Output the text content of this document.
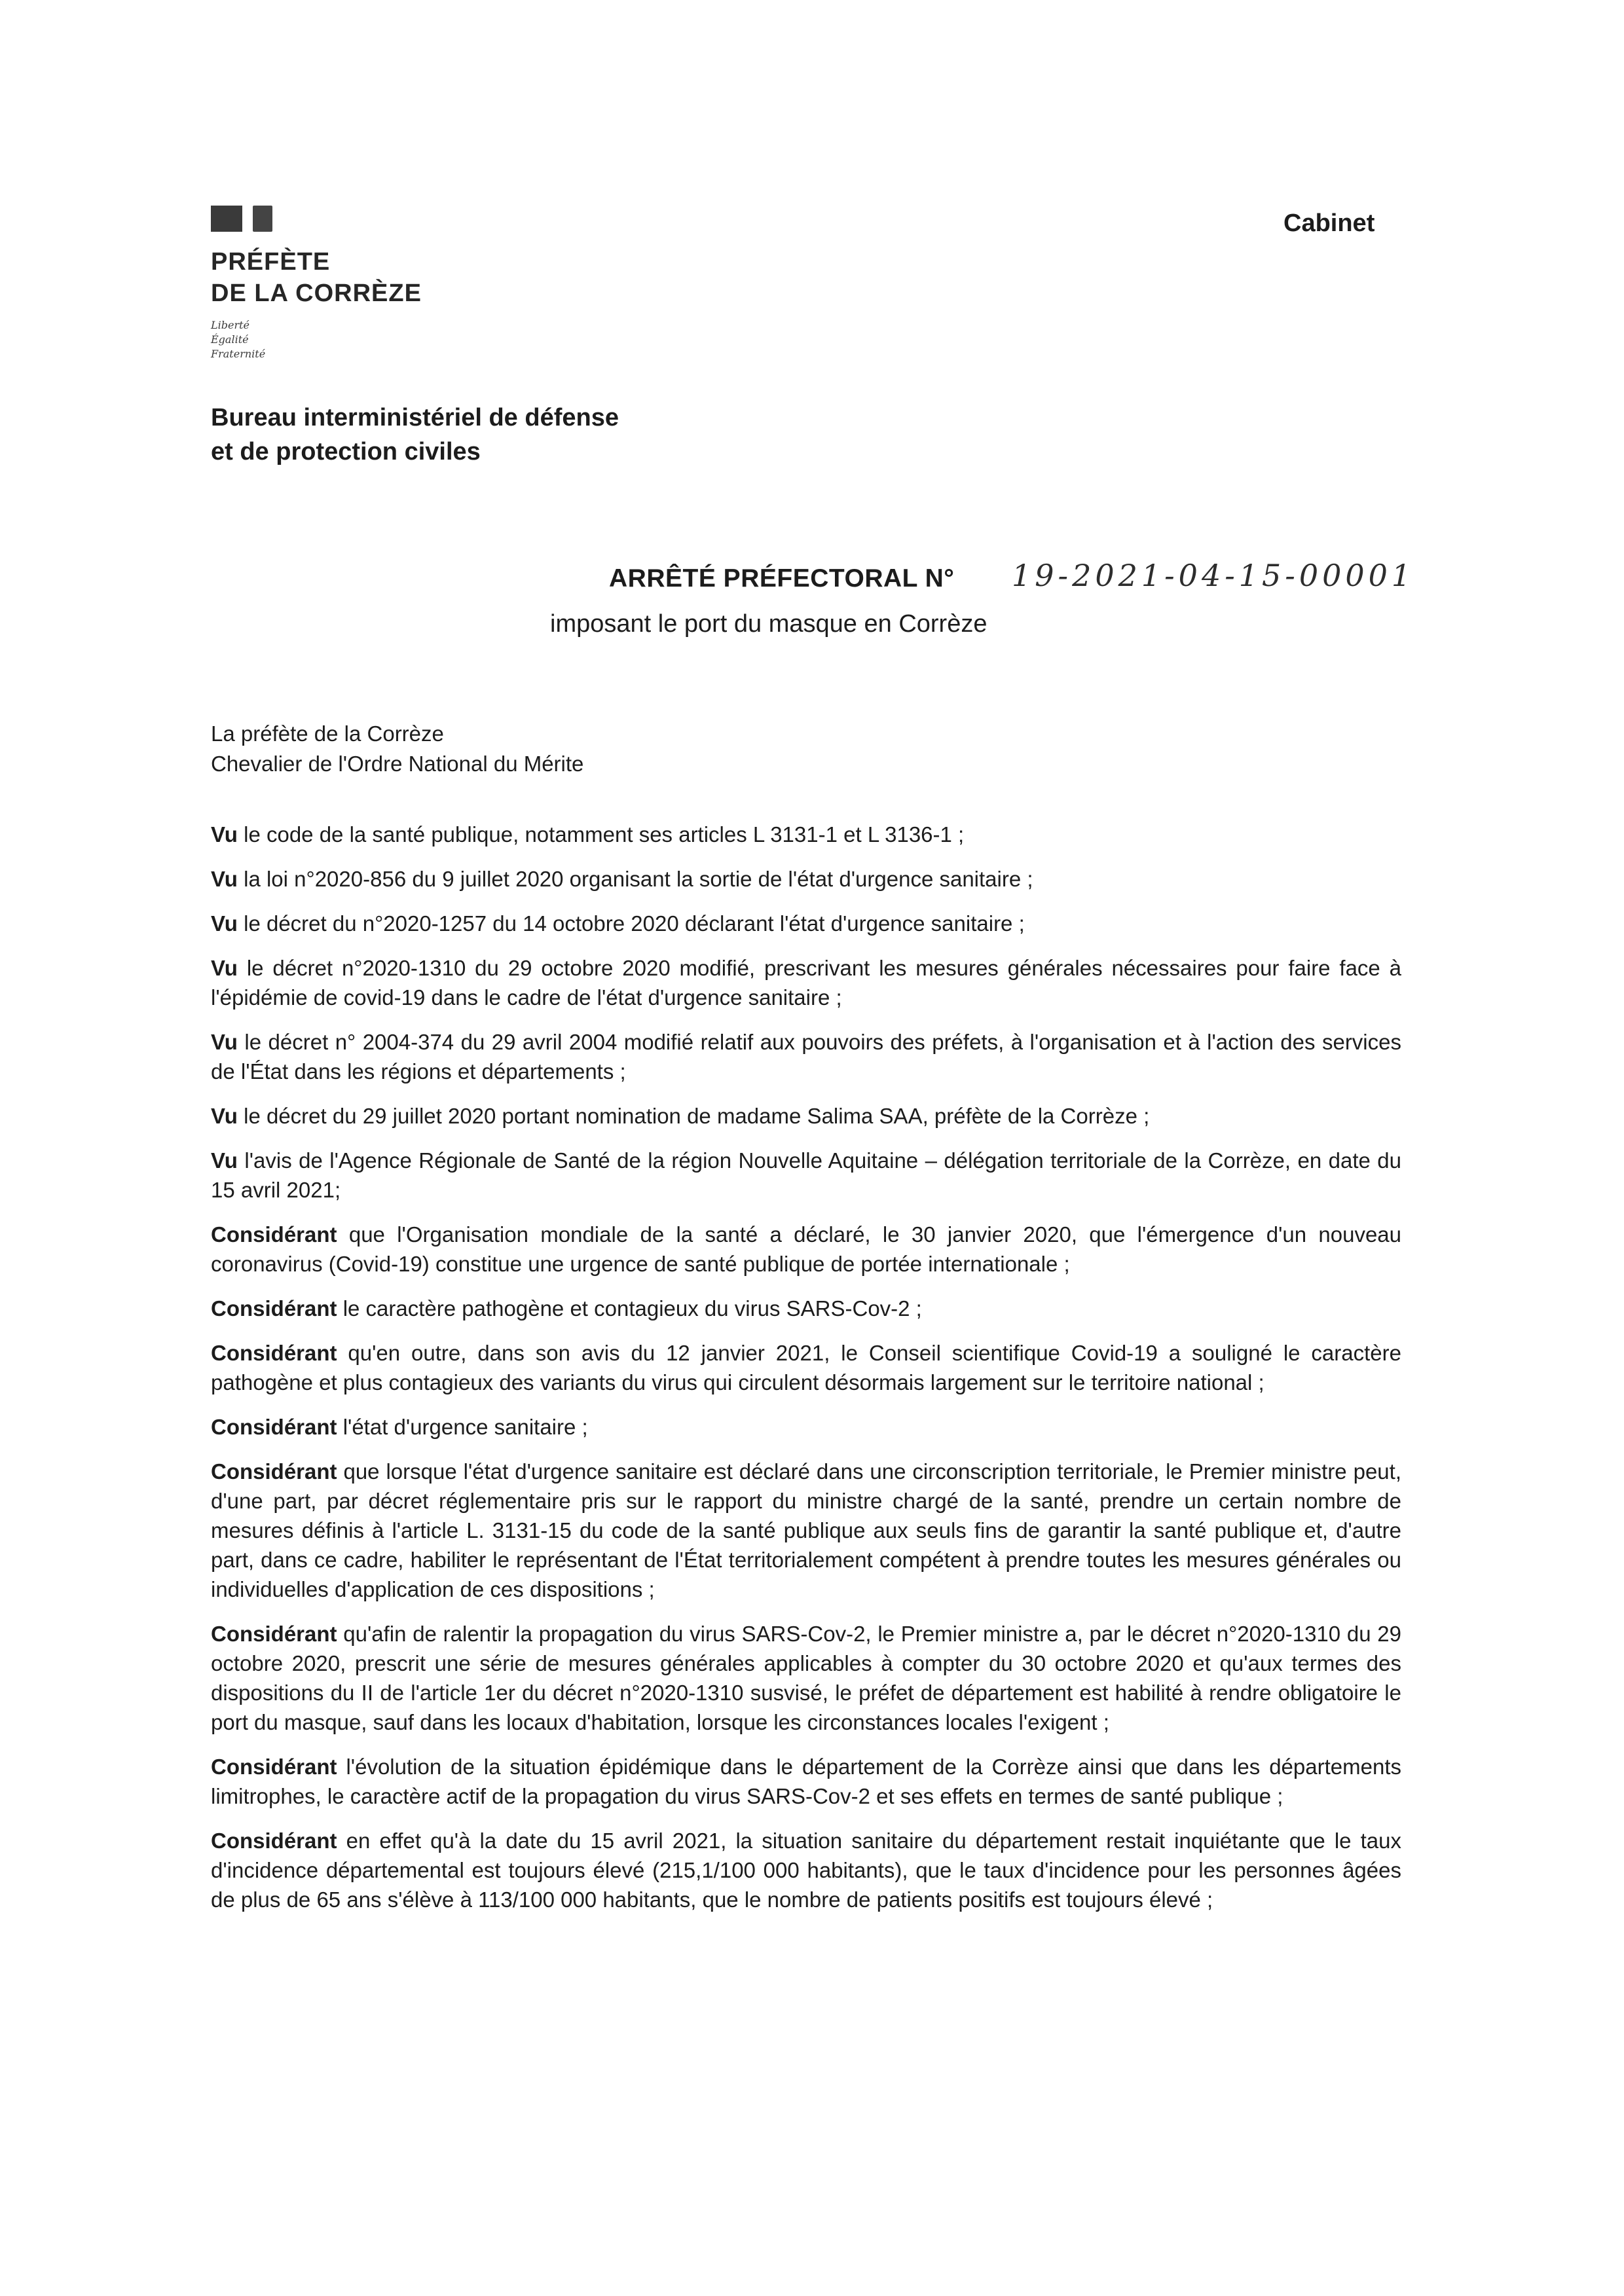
PRÉFÈTE
DE LA CORRÈZE
Liberté
Égalité
Fraternité
Cabinet
Bureau interministériel de défense
et de protection civiles
ARRÊTÉ PRÉFECTORAL N° 19-2021-04-15-00001
imposant le port du masque en Corrèze
La préfète de la Corrèze
Chevalier de l'Ordre National du Mérite

Vu le code de la santé publique, notamment ses articles L 3131-1 et L 3136-1 ;

Vu la loi n°2020-856 du 9 juillet 2020 organisant la sortie de l'état d'urgence sanitaire ;

Vu le décret du n°2020-1257 du 14 octobre 2020 déclarant l'état d'urgence sanitaire ;

Vu le décret n°2020-1310 du 29 octobre 2020 modifié, prescrivant les mesures générales nécessaires pour faire face à l'épidémie de covid-19 dans le cadre de l'état d'urgence sanitaire ;

Vu le décret n° 2004-374 du 29 avril 2004 modifié relatif aux pouvoirs des préfets, à l'organisation et à l'action des services de l'État dans les régions et départements ;

Vu le décret du 29 juillet 2020 portant nomination de madame Salima SAA, préfète de la Corrèze ;

Vu l'avis de l'Agence Régionale de Santé de la région Nouvelle Aquitaine – délégation territoriale de la Corrèze, en date du 15 avril 2021;

Considérant que l'Organisation mondiale de la santé a déclaré, le 30 janvier 2020, que l'émergence d'un nouveau coronavirus (Covid-19) constitue une urgence de santé publique de portée internationale ;

Considérant le caractère pathogène et contagieux du virus SARS-Cov-2 ;

Considérant qu'en outre, dans son avis du 12 janvier 2021, le Conseil scientifique Covid-19 a souligné le caractère pathogène et plus contagieux des variants du virus qui circulent désormais largement sur le territoire national ;

Considérant l'état d'urgence sanitaire ;

Considérant que lorsque l'état d'urgence sanitaire est déclaré dans une circonscription territoriale, le Premier ministre peut, d'une part, par décret réglementaire pris sur le rapport du ministre chargé de la santé, prendre un certain nombre de mesures définis à l'article L. 3131-15 du code de la santé publique aux seuls fins de garantir la santé publique et, d'autre part, dans ce cadre, habiliter le représentant de l'État territorialement compétent à prendre toutes les mesures générales ou individuelles d'application de ces dispositions ;

Considérant qu'afin de ralentir la propagation du virus SARS-Cov-2, le Premier ministre a, par le décret n°2020-1310 du 29 octobre 2020, prescrit une série de mesures générales applicables à compter du 30 octobre 2020 et qu'aux termes des dispositions du II de l'article 1er du décret n°2020-1310 susvisé, le préfet de département est habilité à rendre obligatoire le port du masque, sauf dans les locaux d'habitation, lorsque les circonstances locales l'exigent ;

Considérant l'évolution de la situation épidémique dans le département de la Corrèze ainsi que dans les départements limitrophes, le caractère actif de la propagation du virus SARS-Cov-2 et ses effets en termes de santé publique ;

Considérant en effet qu'à la date du 15 avril 2021, la situation sanitaire du département restait inquiétante que le taux d'incidence départemental est toujours élevé (215,1/100 000 habitants), que le taux d'incidence pour les personnes âgées de plus de 65 ans s'élève à 113/100 000 habitants, que le nombre de patients positifs est toujours élevé ;
